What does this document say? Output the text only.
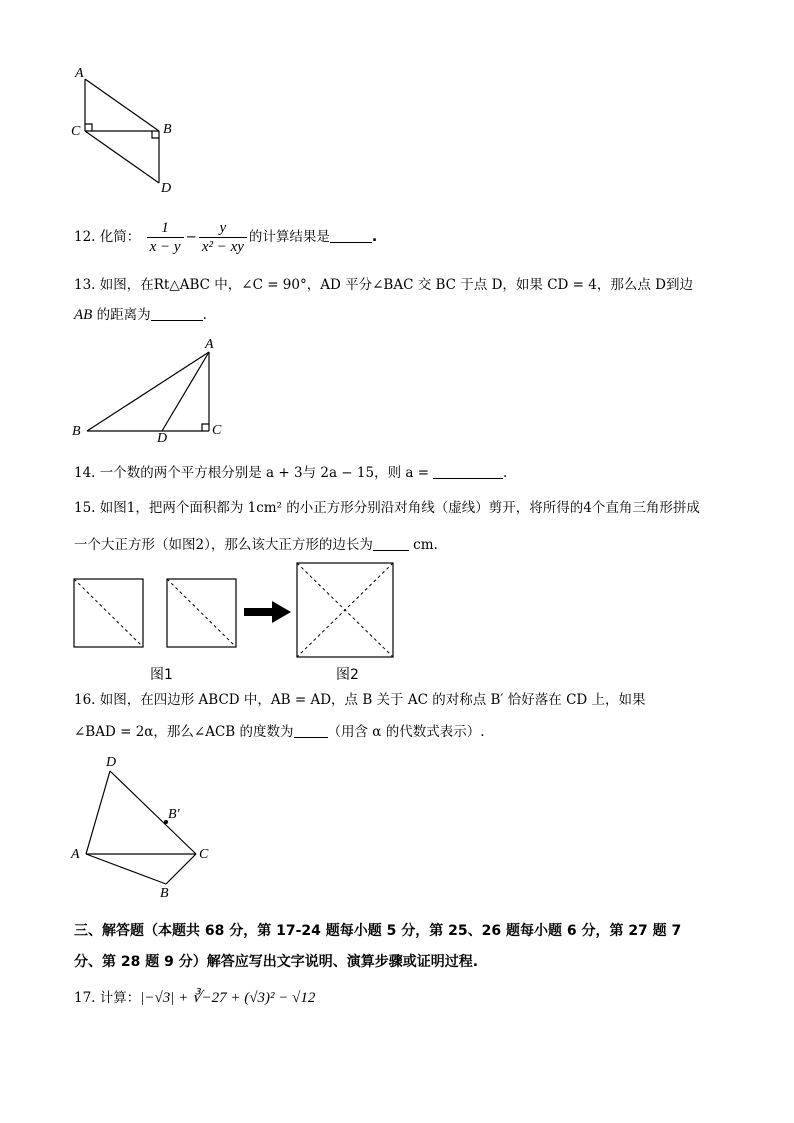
A
C	B
D
12. 化简： $\frac{1}{x - y} - \frac{y}{\text{x² − xy}}$ 的计算结果是	.
13. 如图，在Rt△ABC 中，∠C = 90°，AD 平分∠BAC 交 BC 于点 D，如果 CD = 4，那么点 D到边
AB 的距离为	.
A
B	C
D
14. 一个数的两个平方根分别是 a + 3与 2a − 15，则 a =	.
15. 如图1，把两个面积都为 1cm² 的小正方形分别沿对角线（虚线）剪开，将所得的4个直角三角形拼成
一个大正方形（如图2），那么该大正方形的边长为	cm.
图1	图2
16. 如图，在四边形 ABCD 中，AB = AD，点 B 关于 AC 的对称点 B′ 恰好落在 CD 上，如果
∠BAD = 2α，那么∠ACB 的度数为	（用含 α 的代数式表示）.
D
A	C
B
B′
三、解答题（本题共 68 分，第 17-24 题每小题 5 分，第 25、26 题每小题 6 分，第 27 题 7
分、第 28 题 9 分）解答应写出文字说明、演算步骤或证明过程.
17. 计算：|−√3| + ∛−27 + (√3)² − √12
